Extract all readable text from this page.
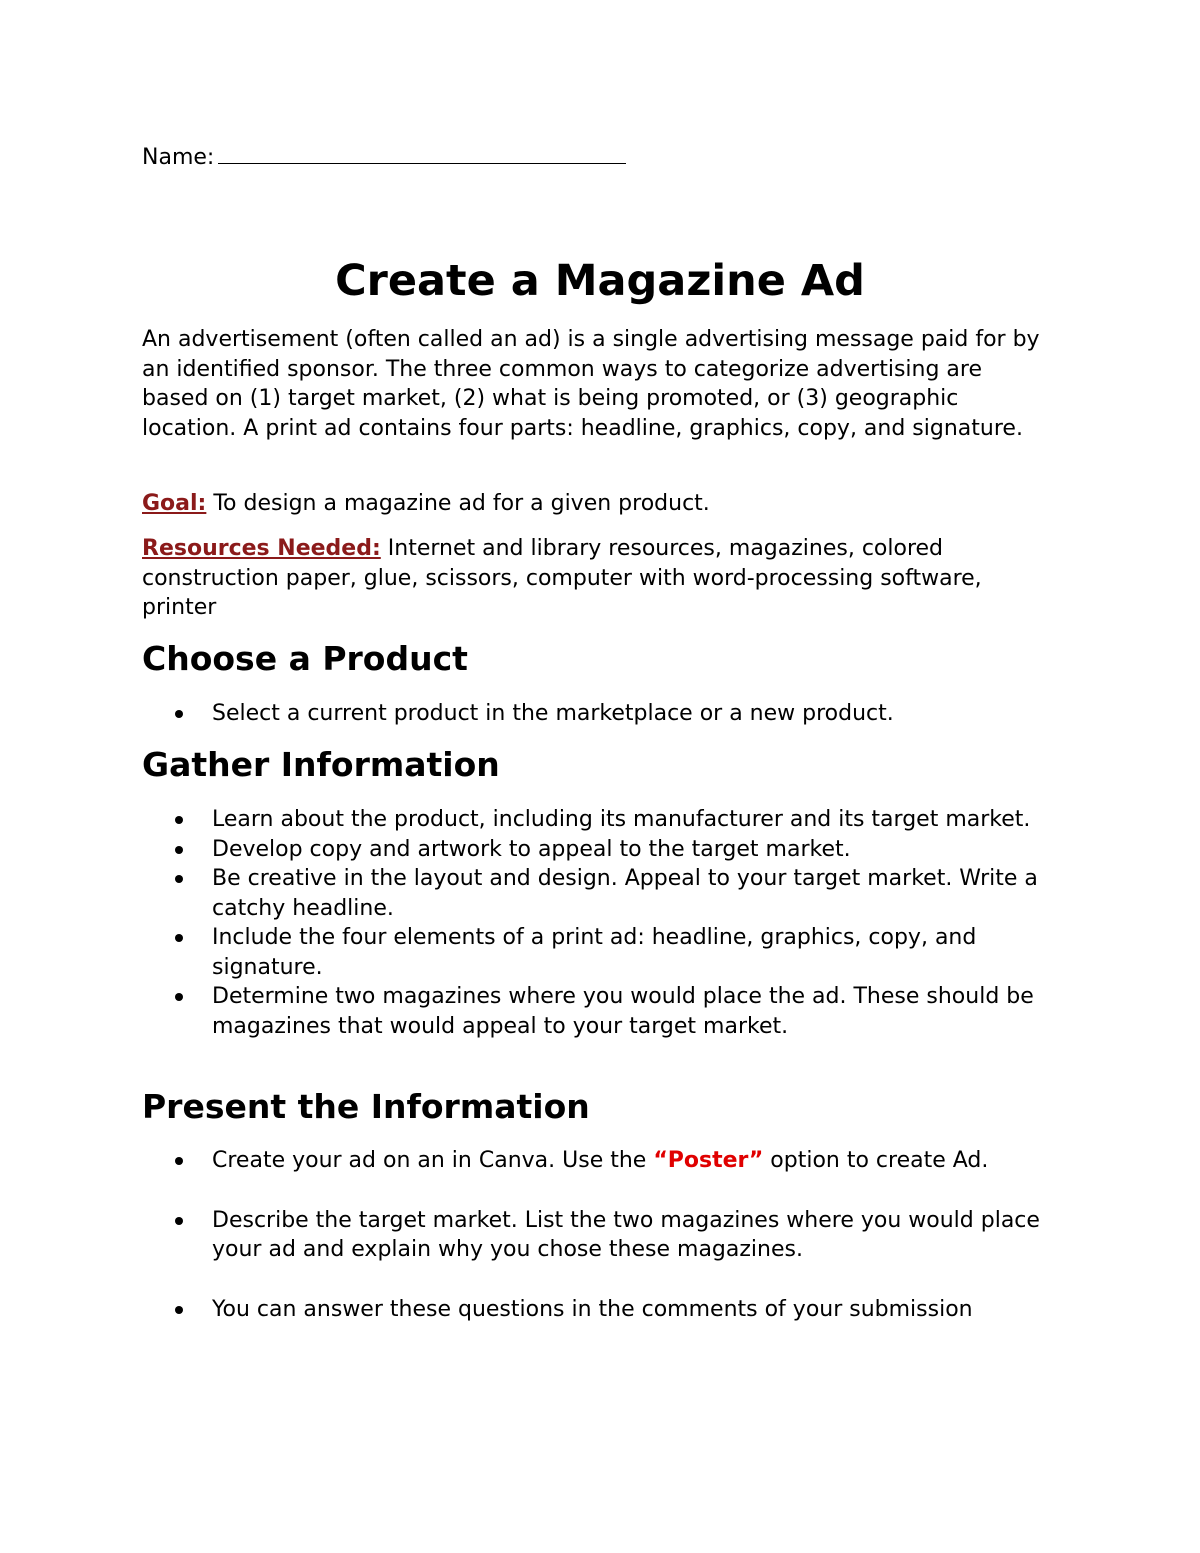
Name:
Create a Magazine Ad

An advertisement (often called an ad) is a single advertising message paid for by an identified sponsor. The three common ways to categorize advertising are based on (1) target market, (2) what is being promoted, or (3) geographic location. A print ad contains four parts: headline, graphics, copy, and signature.

Goal: To design a magazine ad for a given product.

Resources Needed: Internet and library resources, magazines, colored construction paper, glue, scissors, computer with word-processing software, printer

Choose a Product
Select a current product in the marketplace or a new product.
Gather Information
Learn about the product, including its manufacturer and its target market.
Develop copy and artwork to appeal to the target market.
Be creative in the layout and design. Appeal to your target market. Write a catchy headline.
Include the four elements of a print ad: headline, graphics, copy, and signature.
Determine two magazines where you would place the ad. These should be magazines that would appeal to your target market.
Present the Information
Create your ad on an in Canva. Use the “Poster” option to create Ad.
Describe the target market. List the two magazines where you would place your ad and explain why you chose these magazines.
You can answer these questions in the comments of your submission
